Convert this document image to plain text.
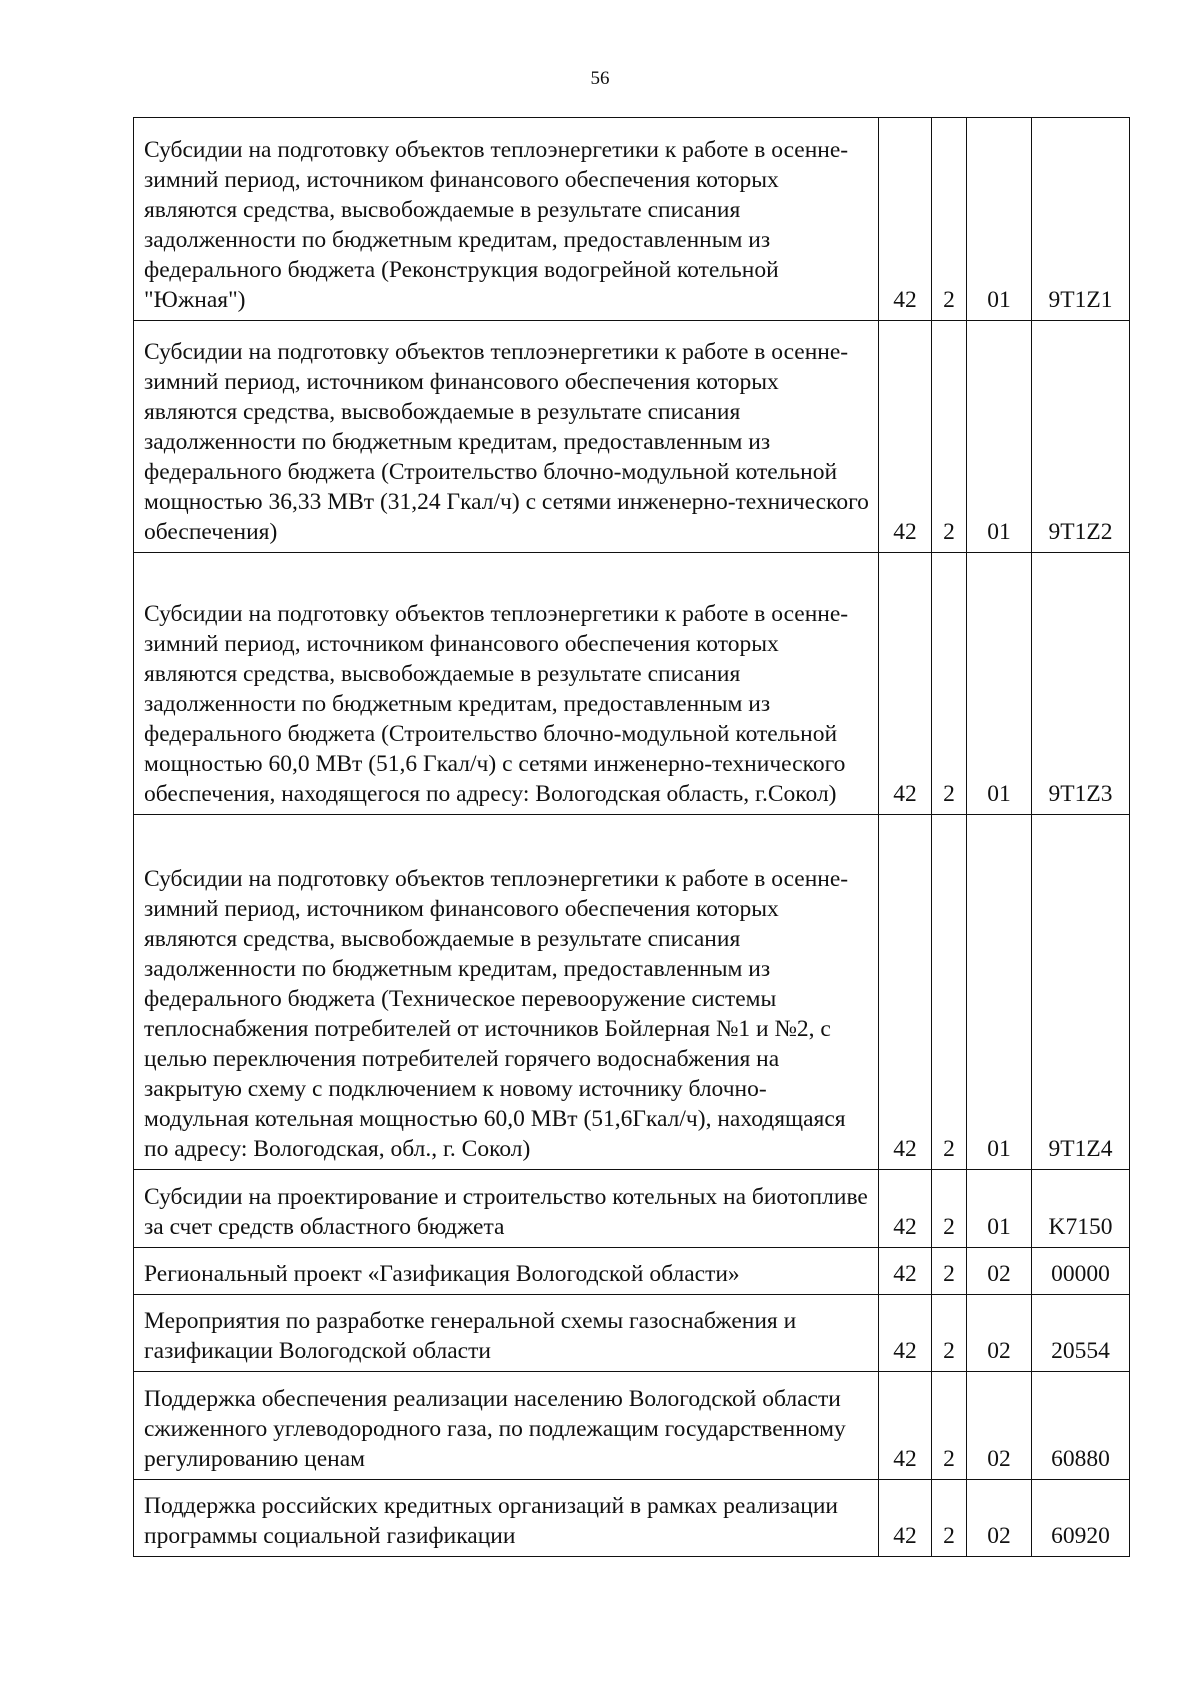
56
Субсидии на подготовку объектов теплоэнергетики к работе в осенне-зимний период, источником финансового обеспечения которых являются средства, высвобождаемые в результате списания задолженности по бюджетным кредитам, предоставленным из федерального бюджета (Реконструкция водогрейной котельной "Южная")	42	2	01	9T1Z1

Субсидии на подготовку объектов теплоэнергетики к работе в осенне-зимний период, источником финансового обеспечения которых являются средства, высвобождаемые в результате списания задолженности по бюджетным кредитам, предоставленным из федерального бюджета (Строительство блочно-модульной котельной мощностью 36,33 МВт (31,24 Гкал/ч) с сетями инженерно-технического обеспечения)	42	2	01	9T1Z2

Субсидии на подготовку объектов теплоэнергетики к работе в осенне-зимний период, источником финансового обеспечения которых являются средства, высвобождаемые в результате списания задолженности по бюджетным кредитам, предоставленным из федерального бюджета (Строительство блочно-модульной котельной мощностью 60,0 МВт (51,6 Гкал/ч) с сетями инженерно-технического обеспечения, находящегося по адресу: Вологодская область, г.Сокол)	42	2	01	9T1Z3

Субсидии на подготовку объектов теплоэнергетики к работе в осенне-зимний период, источником финансового обеспечения которых являются средства, высвобождаемые в результате списания задолженности по бюджетным кредитам, предоставленным из федерального бюджета (Техническое перевооружение системы теплоснабжения потребителей от источников Бойлерная №1 и №2, с целью переключения потребителей горячего водоснабжения на закрытую схему с подключением к новому источнику блочно-модульная котельная мощностью 60,0 МВт (51,6Гкал/ч), находящаяся по адресу: Вологодская, обл., г. Сокол)	42	2	01	9T1Z4

Субсидии на проектирование и строительство котельных на биотопливе за счет средств областного бюджета	42	2	01	K7150

Региональный проект «Газификация Вологодской области»	42	2	02	00000

Мероприятия по разработке генеральной схемы газоснабжения и газификации Вологодской области	42	2	02	20554

Поддержка обеспечения реализации населению Вологодской области сжиженного углеводородного газа, по подлежащим государственному регулированию ценам	42	2	02	60880

Поддержка российских кредитных организаций в рамках реализации программы социальной газификации	42	2	02	60920
